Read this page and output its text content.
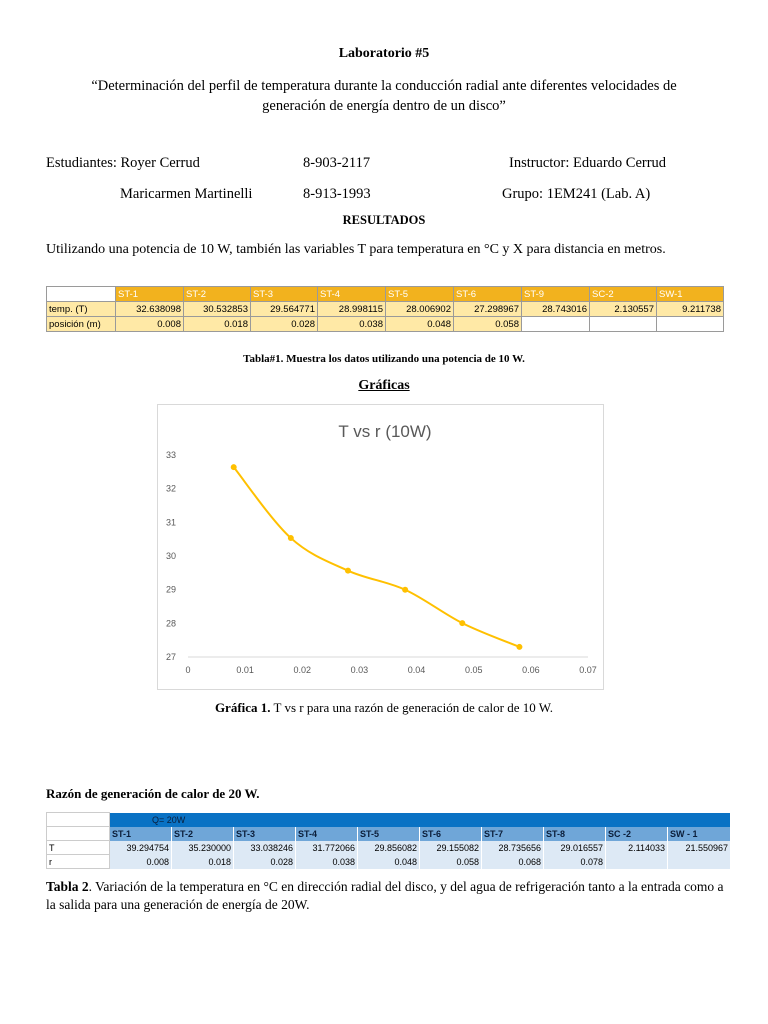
Laboratorio #5
“Determinación del perfil de temperatura durante la conducción radial ante diferentes velocidades de
generación de energía dentro de un disco”
Estudiantes: Royer Cerrud	8-903-2117	Instructor: Eduardo Cerrud
Maricarmen Martinelli	8-913-1993	Grupo: 1EM241 (Lab. A)
RESULTADOS
Utilizando una potencia de 10 W, también las variables T para temperatura en °C y X para distancia en metros.
	ST-1	ST-2	ST-3	ST-4	ST-5	ST-6	ST-9	SC-2	SW-1
temp. (T)	32.638098	30.532853	29.564771	28.998115	28.006902	27.298967	28.743016	2.130557	9.211738
posición (m)	0.008	0.018	0.028	0.038	0.048	0.058			
Tabla#1. Muestra los datos utilizando una potencia de 10 W.
Gráficas
T vs r (10W)
27
28
29
30
31
32
33
0	0.01	0.02	0.03	0.04	0.05	0.06	0.07
Gráfica 1. T vs r para una razón de generación de calor de 10 W.
Razón de generación de calor de 20 W.
	Q= 20W									
	ST-1	ST-2	ST-3	ST-4	ST-5	ST-6	ST-7	ST-8	SC -2	SW - 1
T	39.294754	35.230000	33.038246	31.772066	29.856082	29.155082	28.735656	29.016557	2.114033	21.550967
r	0.008	0.018	0.028	0.038	0.048	0.058	0.068	0.078		
Tabla 2. Variación de la temperatura en °C en dirección radial del disco, y del agua de refrigeración tanto a la entrada como a la salida para una generación de energía de 20W.
